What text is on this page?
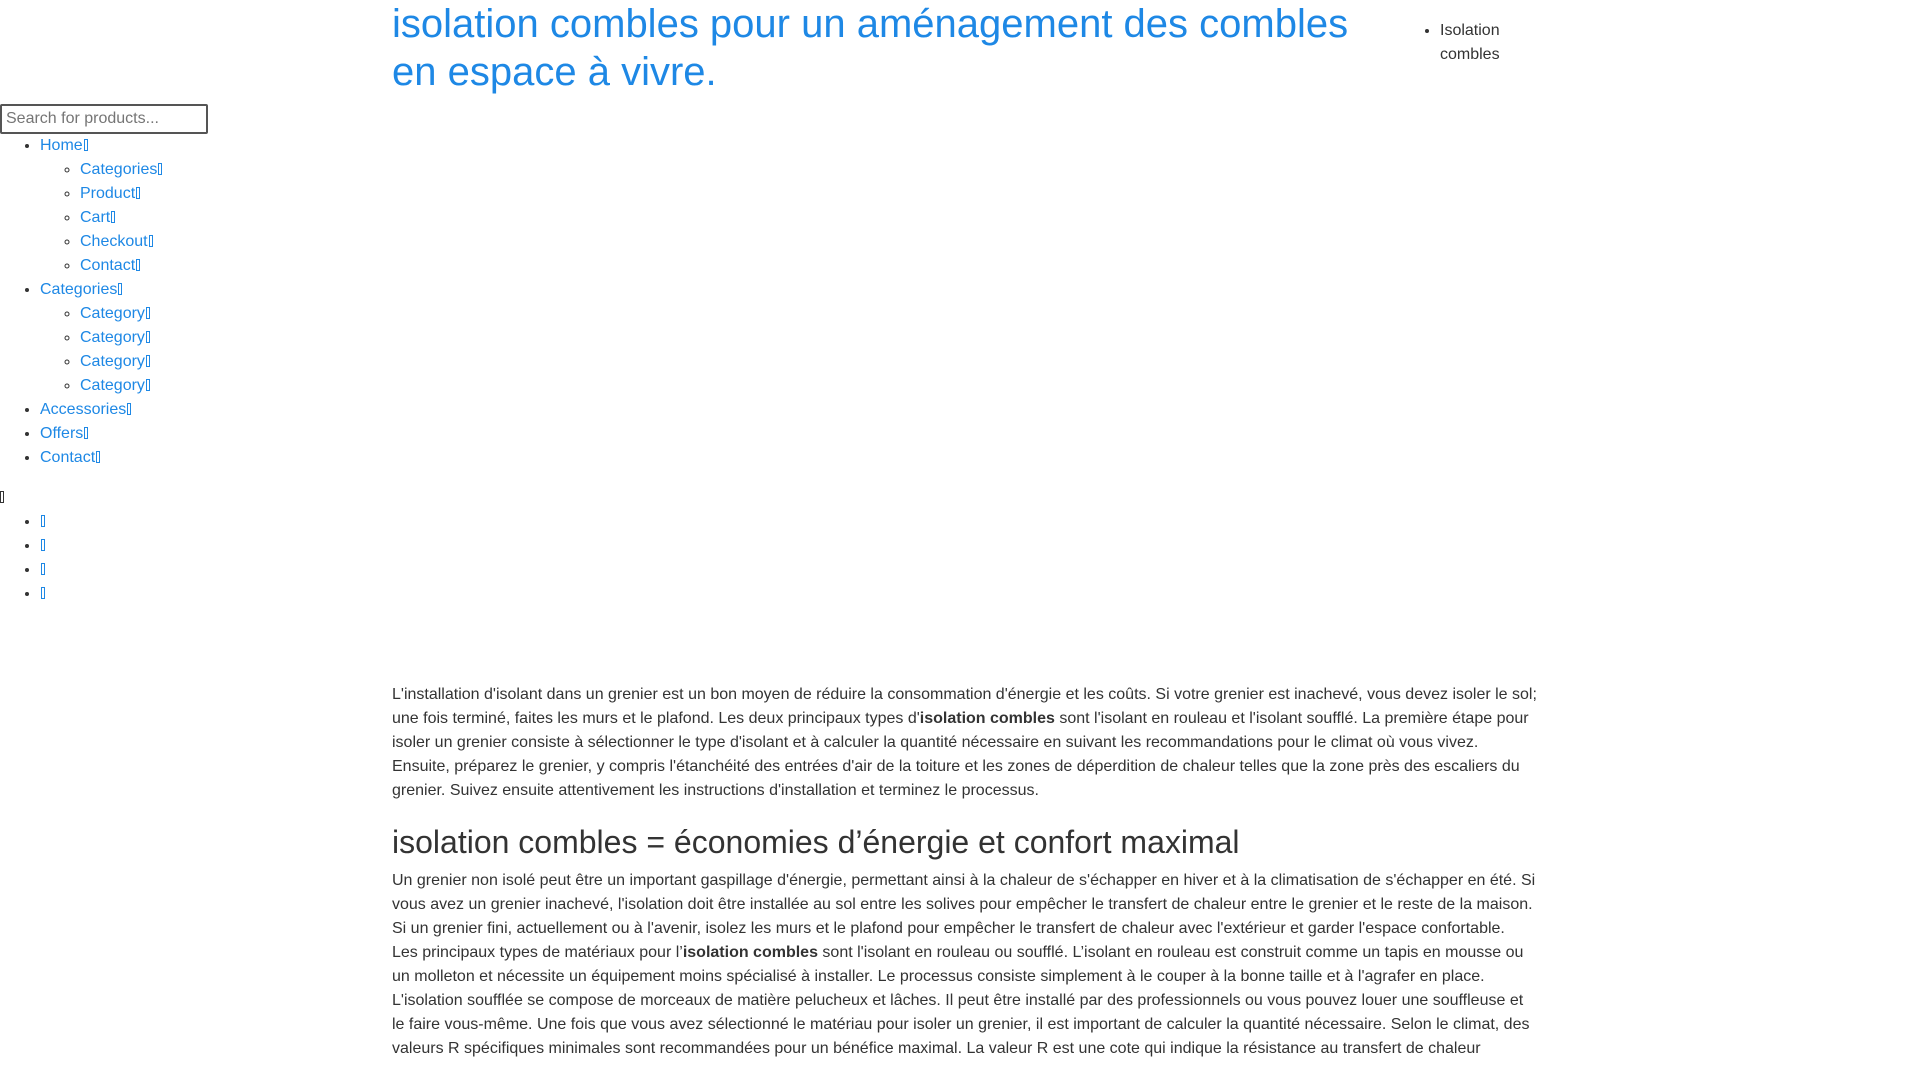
isolation combles pour un aménagement des combles en espace à vivre.

L'installation d'isolant dans un grenier est un bon moyen de réduire la consommation d'énergie et les coûts. Si votre grenier est inachevé, vous devez isoler le sol; une fois terminé, faites les murs et le plafond. Les deux principaux types d'isolation combles sont l'isolant en rouleau et l'isolant soufflé. La première étape pour isoler un grenier consiste à sélectionner le type d'isolant et à calculer la quantité nécessaire en suivant les recommandations pour le climat où vous vivez. Ensuite, préparez le grenier, y compris l'étanchéité des entrées d'air de la toiture et les zones de déperdition de chaleur telles que la zone près des escaliers du grenier. Suivez ensuite attentivement les instructions d'installation et terminez le processus.

isolation combles = économies d’énergie et confort maximal

Un grenier non isolé peut être un important gaspillage d'énergie, permettant ainsi à la chaleur de s'échapper en hiver et à la climatisation de s'échapper en été. Si vous avez un grenier inachevé, l'isolation doit être installée au sol entre les solives pour empêcher le transfert de chaleur entre le grenier et le reste de la maison. Si un grenier fini, actuellement ou à l'avenir, isolez les murs et le plafond pour empêcher le transfert de chaleur avec l'extérieur et garder l'espace confortable.

Les principaux types de matériaux pour l’isolation combles sont l'isolant en rouleau ou soufflé. L’isolant en rouleau est construit comme un tapis en mousse ou un molleton et nécessite un équipement moins spécialisé à installer. Le processus consiste simplement à le couper à la bonne taille et à l'agrafer en place. L'isolation soufflée se compose de morceaux de matière pelucheux et lâches. Il peut être installé par des professionnels ou vous pouvez louer une souffleuse et le faire vous-même. Une fois que vous avez sélectionné le matériau pour isoler un grenier, il est important de calculer la quantité nécessaire. Selon le climat, des valeurs R spécifiques minimales sont recommandées pour un bénéfice maximal. La valeur R est une cote qui indique la résistance au transfert de chaleur

• Isolation combles
Search for products...
• Home
◦ Categories
◦ Product
◦ Cart
◦ Checkout
◦ Contact
• Categories
◦ Category
◦ Category
◦ Category
◦ Category
• Accessories
• Offers
• Contact
•
•
•
•
